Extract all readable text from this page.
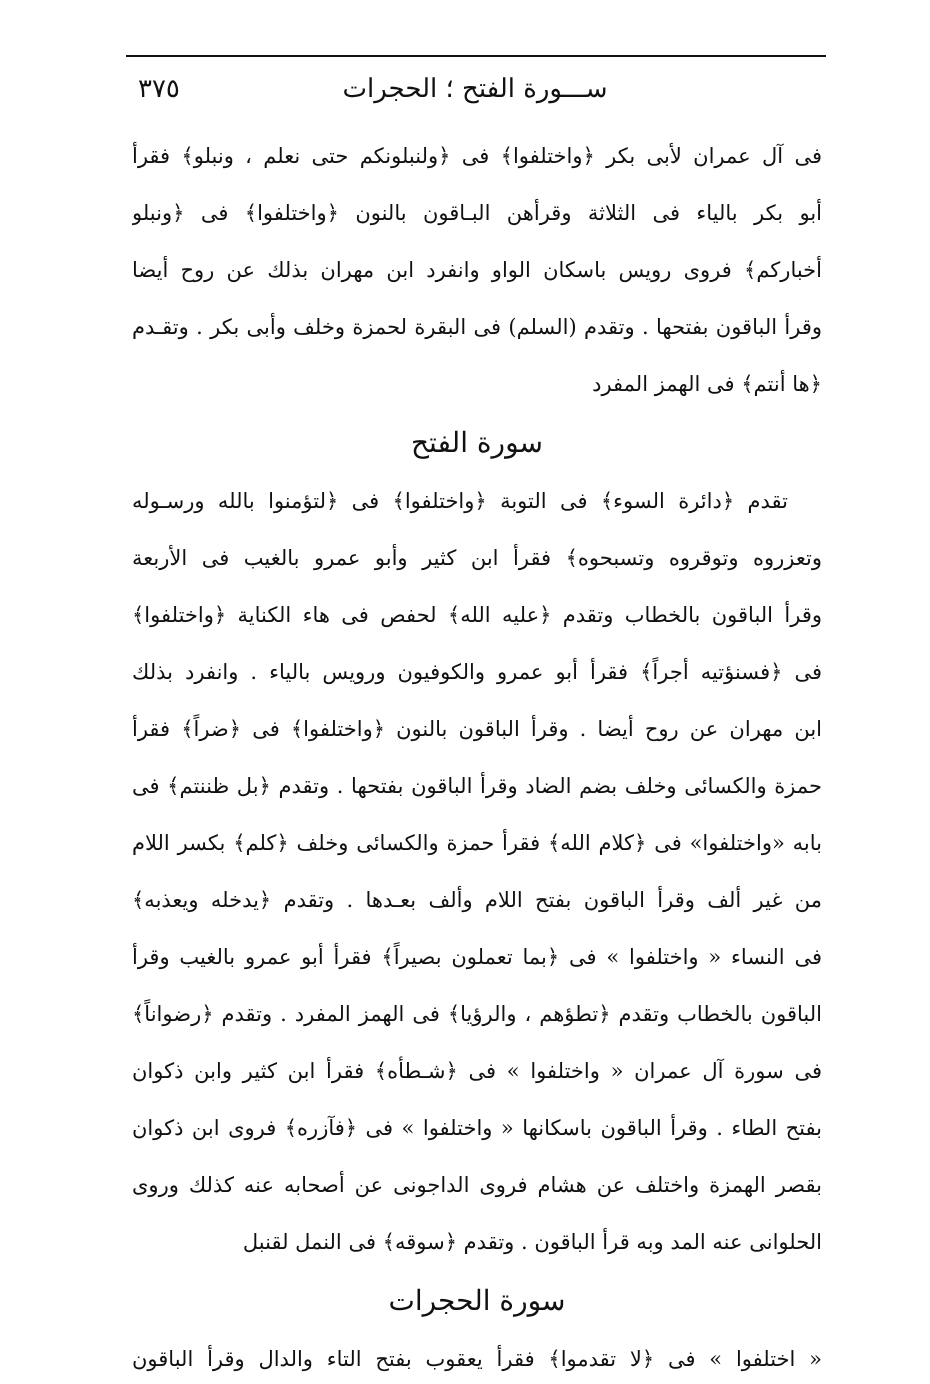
٣٧٥	ســـورة الفتح ؛ الحجرات
فى آل عمران لأبى بكر ﴿واختلفوا﴾ فى ﴿ولنبلونكم حتى نعلم ، ونبلو﴾ فقرأ
أبو بكر بالياء فى الثلاثة وقرأهن البـاقون بالنون ﴿واختلفوا﴾ فى ﴿ونبلو
أخباركم﴾ فروى رويس باسكان الواو وانفرد ابن مهران بذلك عن روح أيضا
وقرأ الباقون بفتحها . وتقدم (السلم) فى البقرة لحمزة وخلف وأبى بكر . وتقـدم
﴿ها أنتم﴾ فى الهمز المفرد
سورة الفتح
تقدم ﴿دائرة السوء﴾ فى التوبة ﴿واختلفوا﴾ فى ﴿لتؤمنوا بالله ورسـوله
وتعزروه وتوقروه وتسبحوه﴾ فقرأ ابن كثير وأبو عمرو بالغيب فى الأربعة
وقرأ الباقون بالخطاب وتقدم ﴿عليه الله﴾ لحفص فى هاء الكناية ﴿واختلفوا﴾
فى ﴿فسنؤتيه أجراً﴾ فقرأ أبو عمرو والكوفيون ورويس بالياء . وانفرد بذلك
ابن مهران عن روح أيضا . وقرأ الباقون بالنون ﴿واختلفوا﴾ فى ﴿ضراً﴾ فقرأ
حمزة والكسائى وخلف بضم الضاد وقرأ الباقون بفتحها . وتقدم ﴿بل ظننتم﴾ فى
بابه «واختلفوا» فى ﴿كلام الله﴾ فقرأ حمزة والكسائى وخلف ﴿كلم﴾ بكسر اللام
من غير ألف وقرأ الباقون بفتح اللام وألف بعـدها . وتقدم ﴿يدخله ويعذبه﴾
فى النساء « واختلفوا » فى ﴿بما تعملون بصيراً﴾ فقرأ أبو عمرو بالغيب وقرأ
الباقون بالخطاب وتقدم ﴿تطؤهم ، والرؤيا﴾ فى الهمز المفرد . وتقدم ﴿رضواناً﴾
فى سورة آل عمران « واختلفوا » فى ﴿شـطأه﴾ فقرأ ابن كثير وابن ذكوان
بفتح الطاء . وقرأ الباقون باسكانها « واختلفوا » فى ﴿فآزره﴾ فروى ابن ذكوان
بقصر الهمزة واختلف عن هشام فروى الداجونى عن أصحابه عنه كذلك وروى
الحلوانى عنه المد وبه قرأ الباقون . وتقدم ﴿سوقه﴾ فى النمل لقنبل
سورة الحجرات
« اختلفوا » فى ﴿لا تقدموا﴾ فقرأ يعقوب بفتح التاء والدال وقرأ الباقون
